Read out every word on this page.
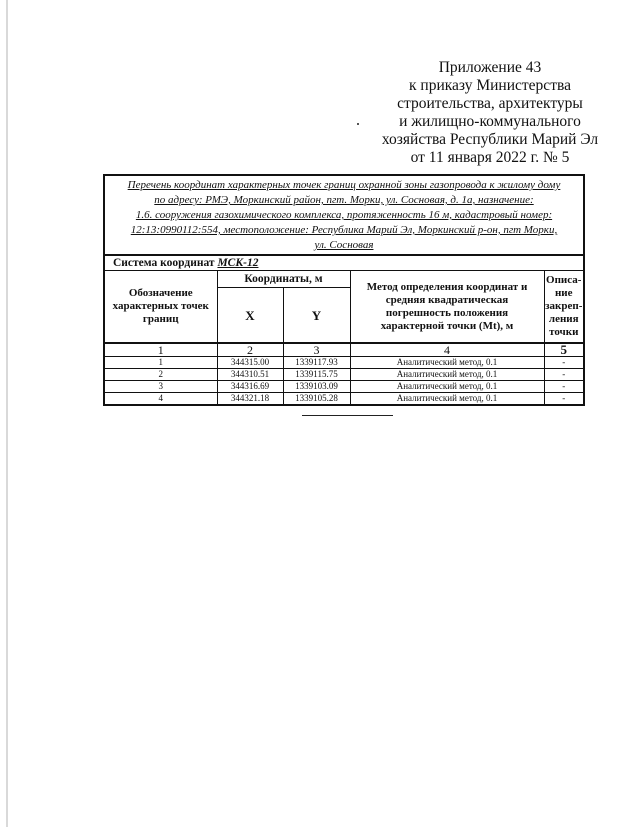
Приложение 43
к приказу Министерства
строительства, архитектуры
и жилищно-коммунального
хозяйства Республики Марий Эл
от 11 января 2022 г. № 5
Перечень координат характерных точек границ охранной зоны газопровода к жилому дому
по адресу: РМЭ, Моркинский район, пгт. Морки, ул. Сосновая, д. 1а, назначение:
1.6. сооружения газохимического комплекса, протяженность 16 м, кадастровый номер:
12:13:0990112:554, местоположение: Республика Марий Эл, Моркинский р-он, пгт Морки,
ул. Сосновая				

Система координат МСК-12				
Обозначение характерных точек границ	Координаты, м		Метод определения координат и средняя квадратическая погрешность положения характерной точки (Mt), м	Описа-ние закреп-ления точки
	X	Y		
1	2	3	4	5
1	344315.00	1339117.93	Аналитический метод, 0.1	-
2	344310.51	1339115.75	Аналитический метод, 0.1	-
3	344316.69	1339103.09	Аналитический метод, 0.1	-
4	344321.18	1339105.28	Аналитический метод, 0.1	-
